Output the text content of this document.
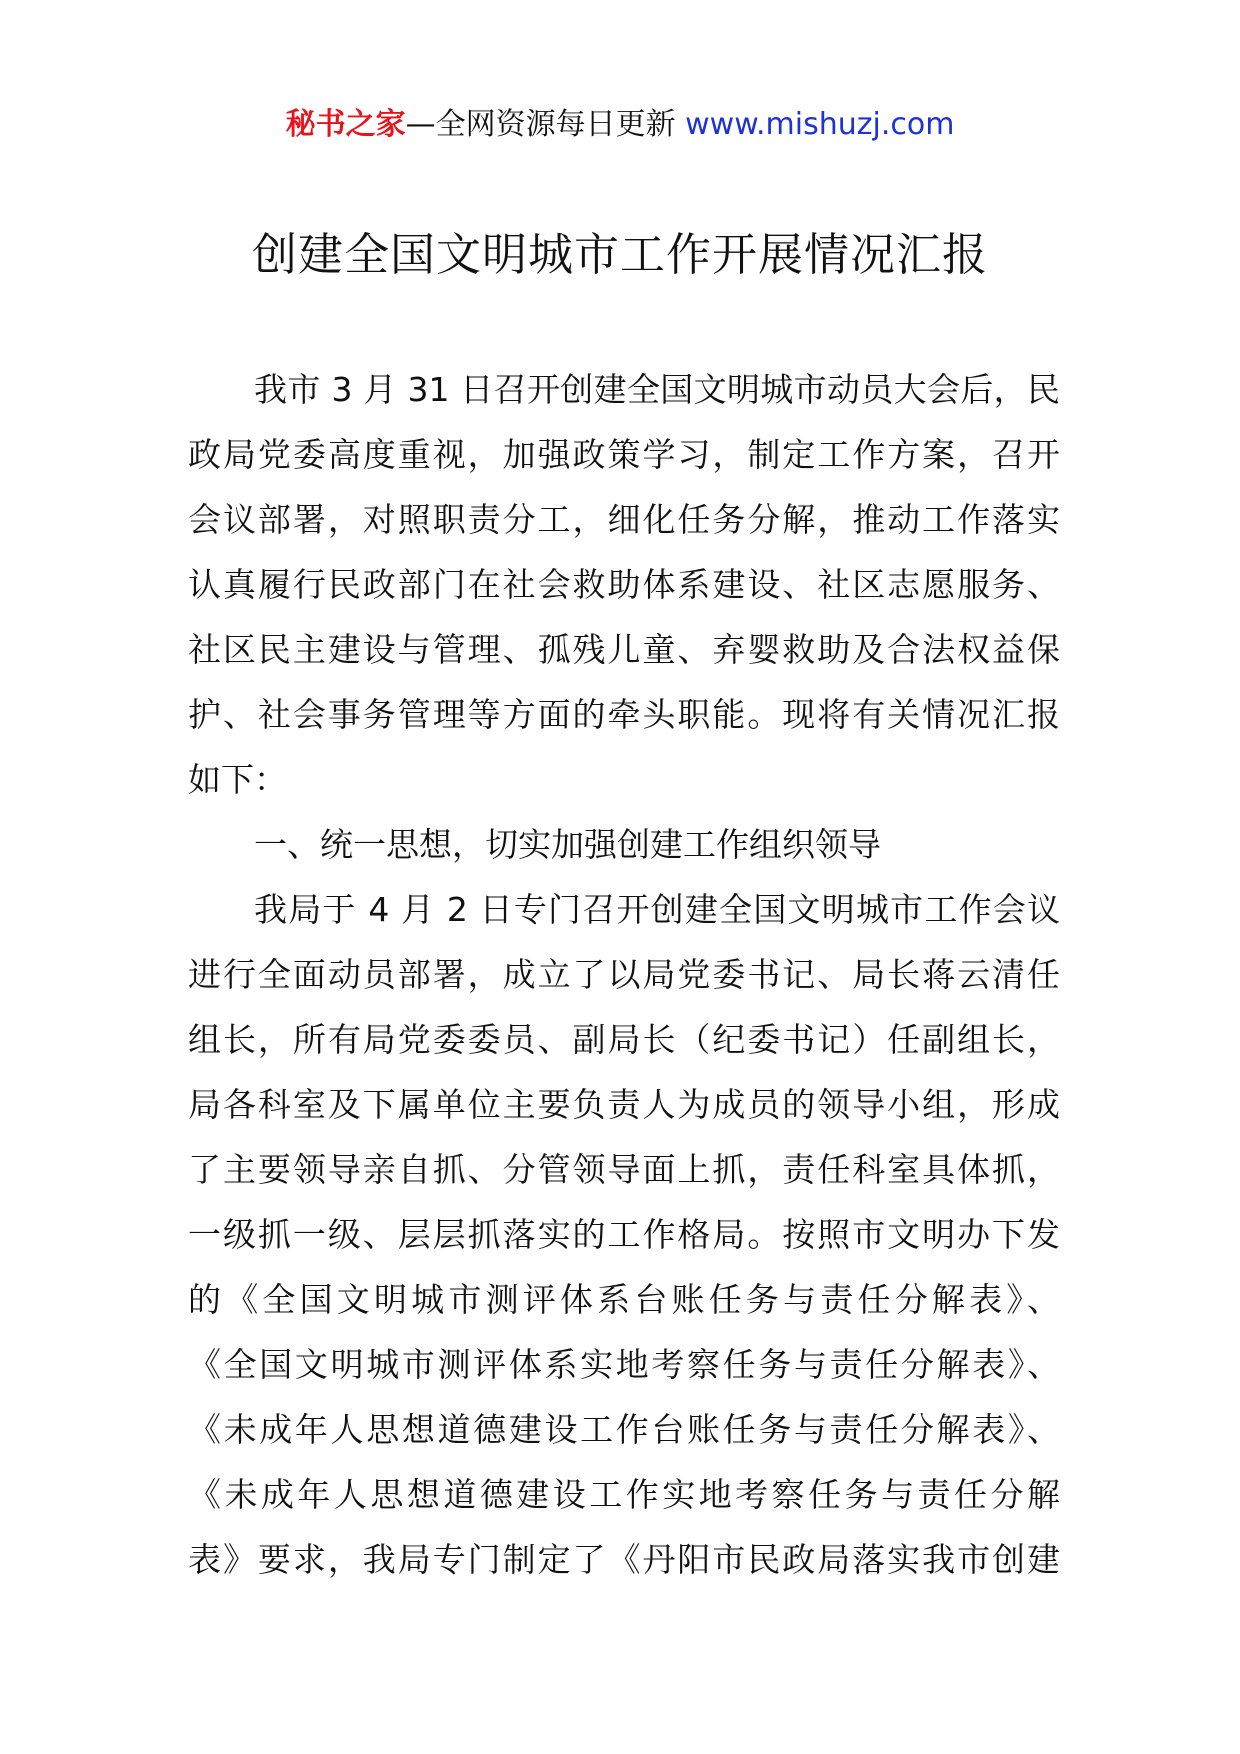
秘书之家—全网资源每日更新 www.mishuzj.com
创建全国文明城市工作开展情况汇报
我市 3 月 31 日召开创建全国文明城市动员大会后，民
政局党委高度重视，加强政策学习，制定工作方案，召开
会议部署，对照职责分工，细化任务分解，推动工作落实
认真履行民政部门在社会救助体系建设、社区志愿服务、
社区民主建设与管理、孤残儿童、弃婴救助及合法权益保
护、社会事务管理等方面的牵头职能。现将有关情况汇报
如下：
一、统一思想，切实加强创建工作组织领导
我局于 4 月 2 日专门召开创建全国文明城市工作会议
进行全面动员部署，成立了以局党委书记、局长蒋云清任
组长，所有局党委委员、副局长（纪委书记）任副组长，
局各科室及下属单位主要负责人为成员的领导小组，形成
了主要领导亲自抓、分管领导面上抓，责任科室具体抓，
一级抓一级、层层抓落实的工作格局。按照市文明办下发
的《全国文明城市测评体系台账任务与责任分解表》、
《全国文明城市测评体系实地考察任务与责任分解表》、
《未成年人思想道德建设工作台账任务与责任分解表》、
《未成年人思想道德建设工作实地考察任务与责任分解
表》要求，我局专门制定了《丹阳市民政局落实我市创建
